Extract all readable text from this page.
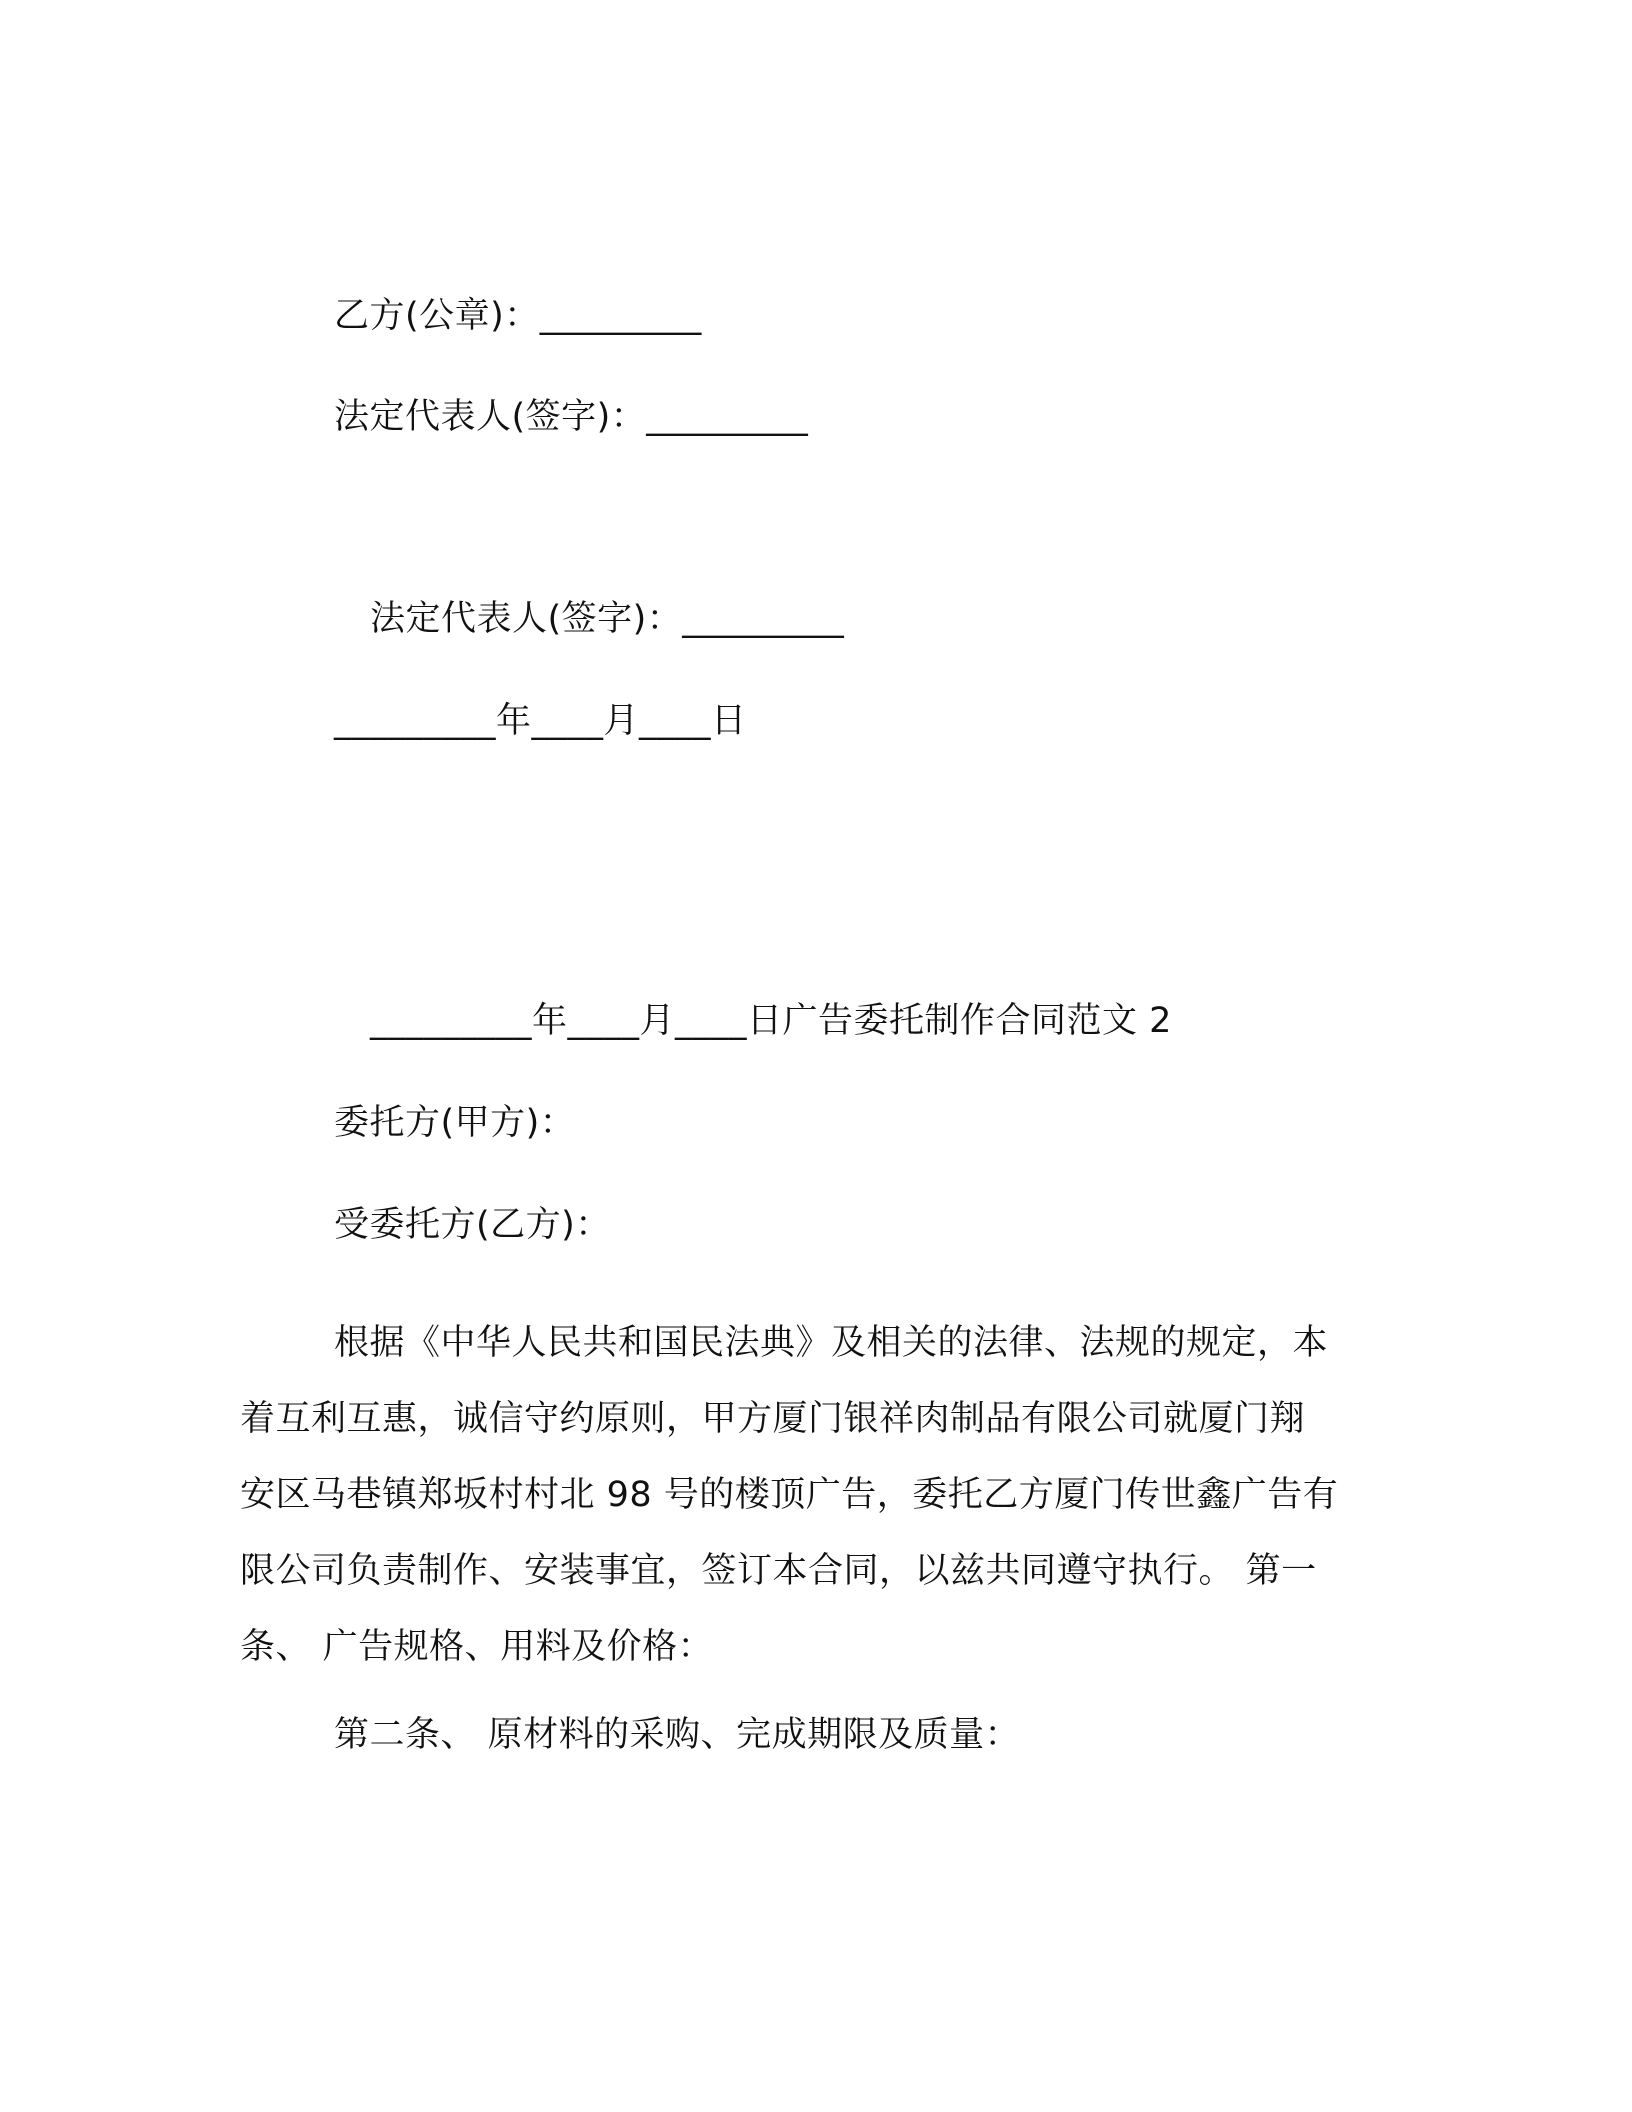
乙方(公章)：_________
法定代表人(签字)：_________
法定代表人(签字)：_________
_________年____月____日
_________年____月____日广告委托制作合同范文 2
委托方(甲方)：
受委托方(乙方)：
根据《中华人民共和国民法典》及相关的法律、法规的规定，本
着互利互惠，诚信守约原则，甲方厦门银祥肉制品有限公司就厦门翔
安区马巷镇郑坂村村北 98 号的楼顶广告，委托乙方厦门传世鑫广告有
限公司负责制作、安装事宜，签订本合同，以兹共同遵守执行。 第一
条、 广告规格、用料及价格：
第二条、 原材料的采购、完成期限及质量：
